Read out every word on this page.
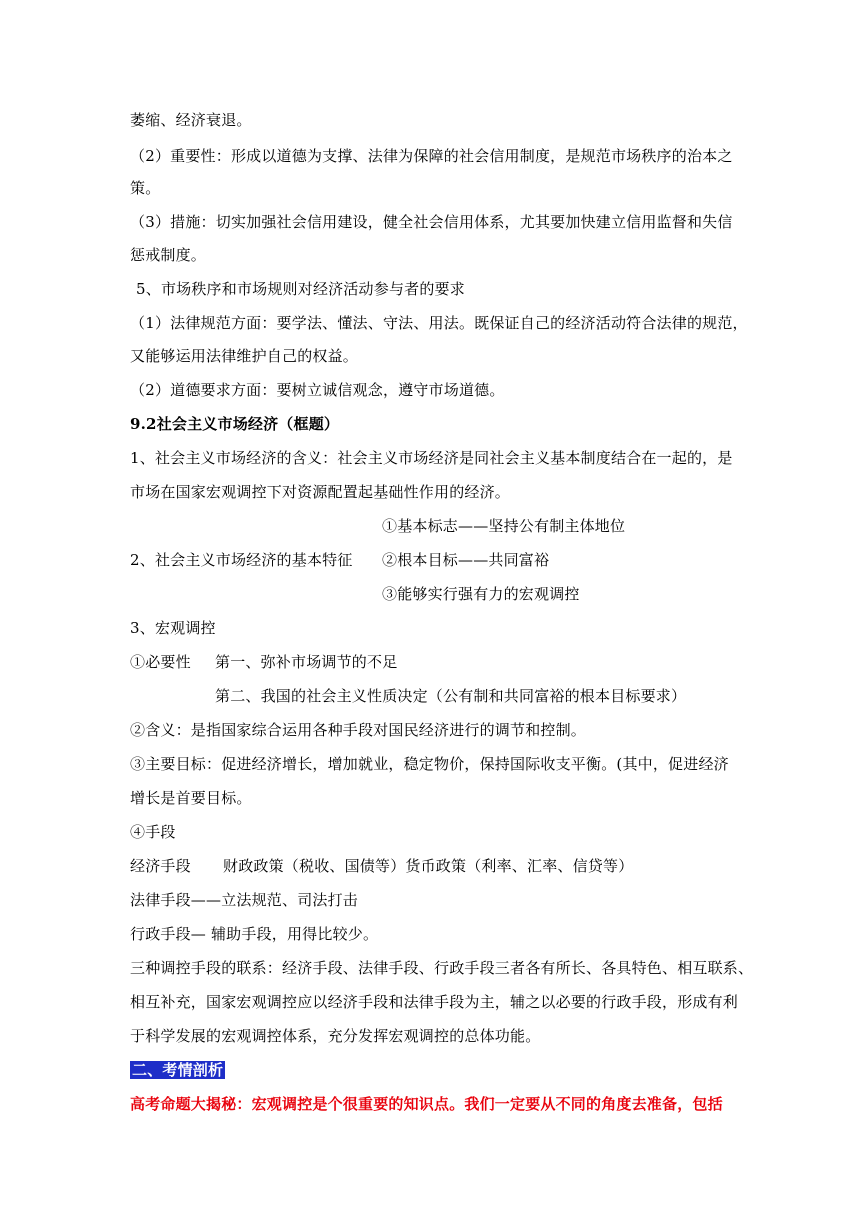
萎缩、经济衰退。
（2）重要性：形成以道德为支撑、法律为保障的社会信用制度，是规范市场秩序的治本之
策。
（3）措施：切实加强社会信用建设，健全社会信用体系，尤其要加快建立信用监督和失信
惩戒制度。
5、市场秩序和市场规则对经济活动参与者的要求
（1）法律规范方面：要学法、懂法、守法、用法。既保证自己的经济活动符合法律的规范，
又能够运用法律维护自己的权益。
（2）道德要求方面：要树立诚信观念，遵守市场道德。
9.2社会主义市场经济（框题）
1、社会主义市场经济的含义：社会主义市场经济是同社会主义基本制度结合在一起的，是
市场在国家宏观调控下对资源配置起基础性作用的经济。
①基本标志——坚持公有制主体地位
2、社会主义市场经济的基本特征	②根本目标——共同富裕
③能够实行强有力的宏观调控
3、宏观调控
①必要性	第一、弥补市场调节的不足
第二、我国的社会主义性质决定（公有制和共同富裕的根本目标要求）
②含义：是指国家综合运用各种手段对国民经济进行的调节和控制。
③主要目标：促进经济增长，增加就业，稳定物价，保持国际收支平衡。(其中，促进经济
增长是首要目标。
④手段
经济手段	财政政策（税收、国债等）货币政策（利率、汇率、信贷等）
法律手段——立法规范、司法打击
行政手段— 辅助手段，用得比较少。
三种调控手段的联系：经济手段、法律手段、行政手段三者各有所长、各具特色、相互联系、
相互补充，国家宏观调控应以经济手段和法律手段为主，辅之以必要的行政手段，形成有利
于科学发展的宏观调控体系，充分发挥宏观调控的总体功能。
二、考情剖析
高考命题大揭秘：宏观调控是个很重要的知识点。我们一定要从不同的角度去准备，包括
